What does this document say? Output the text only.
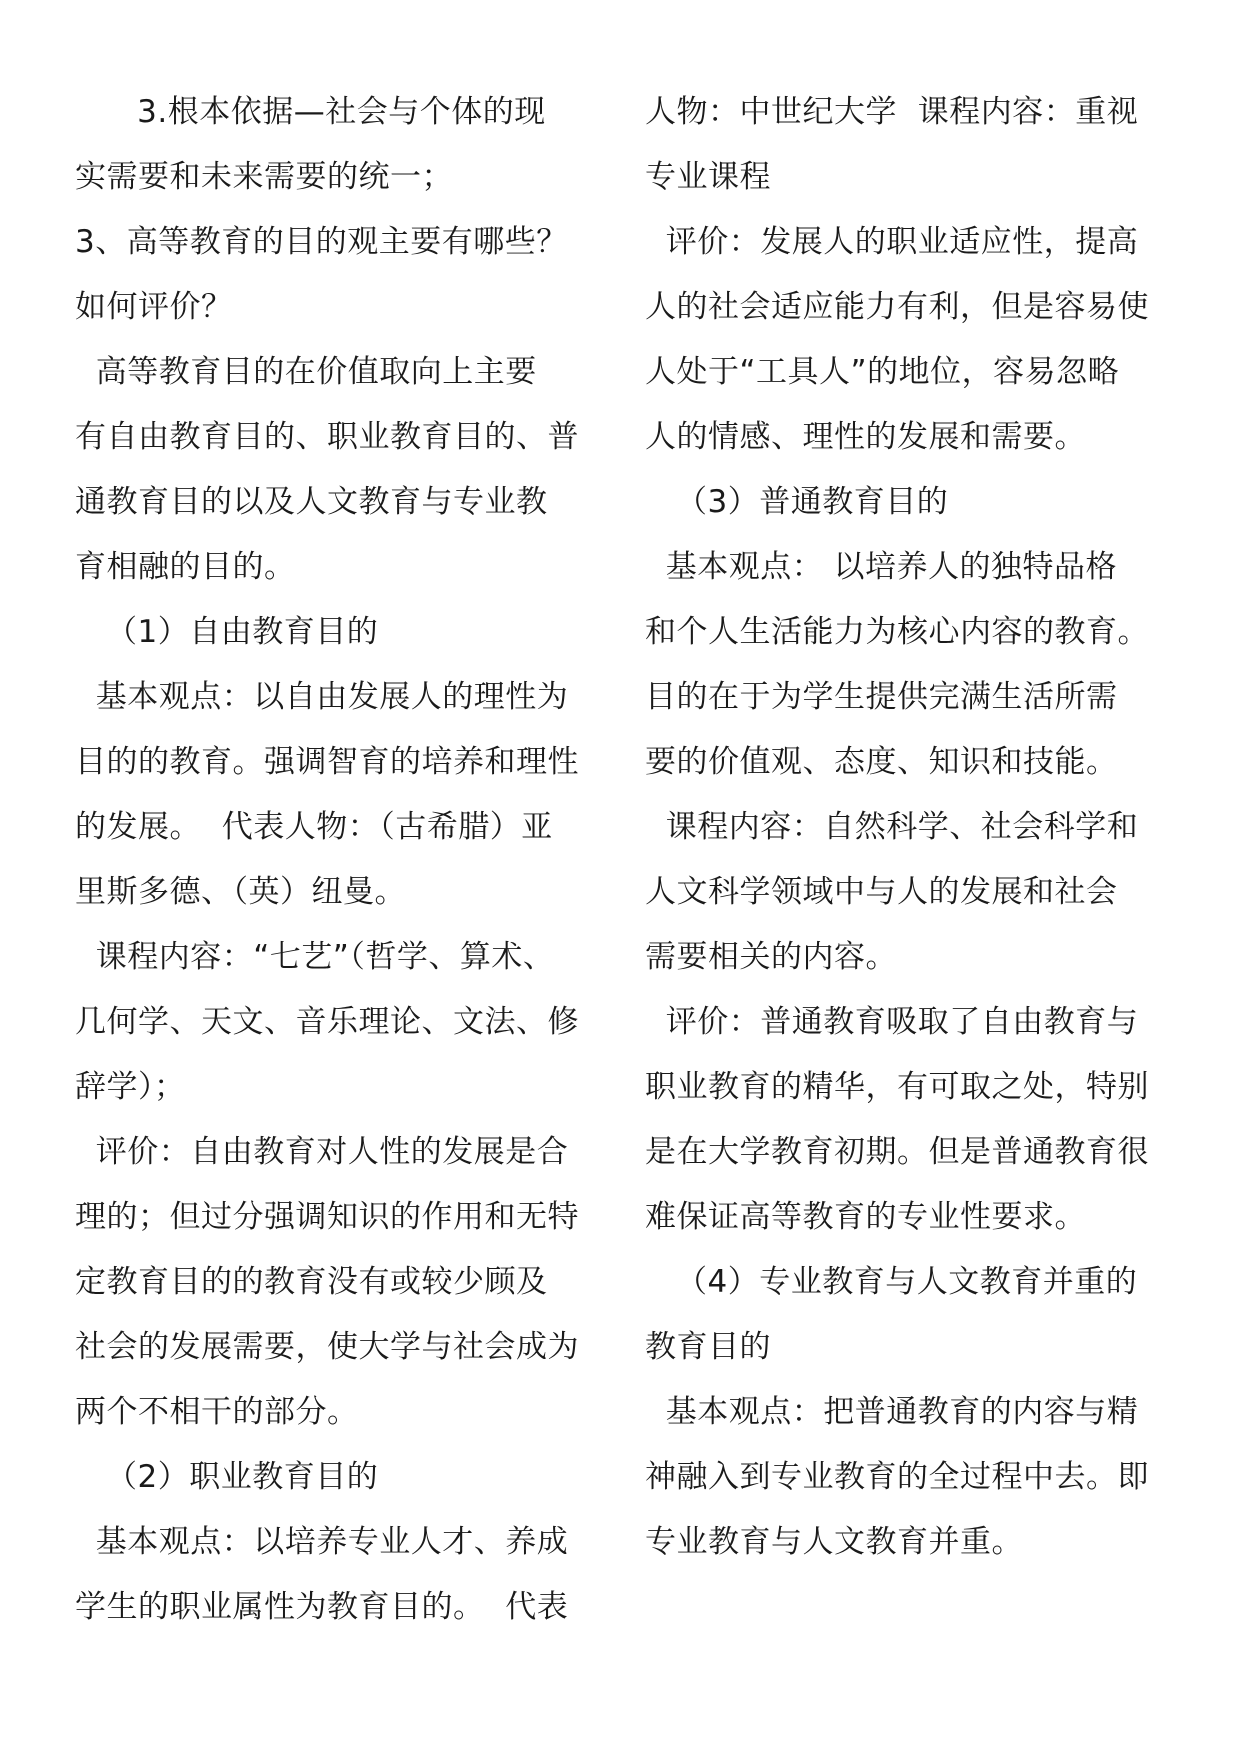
3.根本依据—社会与个体的现
实需要和未来需要的统一；
3、高等教育的目的观主要有哪些？
如何评价？
高等教育目的在价值取向上主要
有自由教育目的、职业教育目的、普
通教育目的以及人文教育与专业教
育相融的目的。
（1）自由教育目的
基本观点：以自由发展人的理性为
目的的教育。强调智育的培养和理性
的发展。  代表人物：（古希腊）亚
里斯多德、（英）纽曼。
课程内容：“七艺”（哲学、算术、
几何学、天文、音乐理论、文法、修
辞学）；
评价：自由教育对人性的发展是合
理的；但过分强调知识的作用和无特
定教育目的的教育没有或较少顾及
社会的发展需要，使大学与社会成为
两个不相干的部分。
（2）职业教育目的
基本观点：以培养专业人才、养成
学生的职业属性为教育目的。  代表
人物：中世纪大学  课程内容：重视
专业课程
评价：发展人的职业适应性，提高
人的社会适应能力有利，但是容易使
人处于“工具人”的地位，容易忽略
人的情感、理性的发展和需要。
（3）普通教育目的
基本观点： 以培养人的独特品格
和个人生活能力为核心内容的教育。
目的在于为学生提供完满生活所需
要的价值观、态度、知识和技能。
课程内容：自然科学、社会科学和
人文科学领域中与人的发展和社会
需要相关的内容。
评价：普通教育吸取了自由教育与
职业教育的精华，有可取之处，特别
是在大学教育初期。但是普通教育很
难保证高等教育的专业性要求。
（4）专业教育与人文教育并重的
教育目的
基本观点：把普通教育的内容与精
神融入到专业教育的全过程中去。即
专业教育与人文教育并重。
